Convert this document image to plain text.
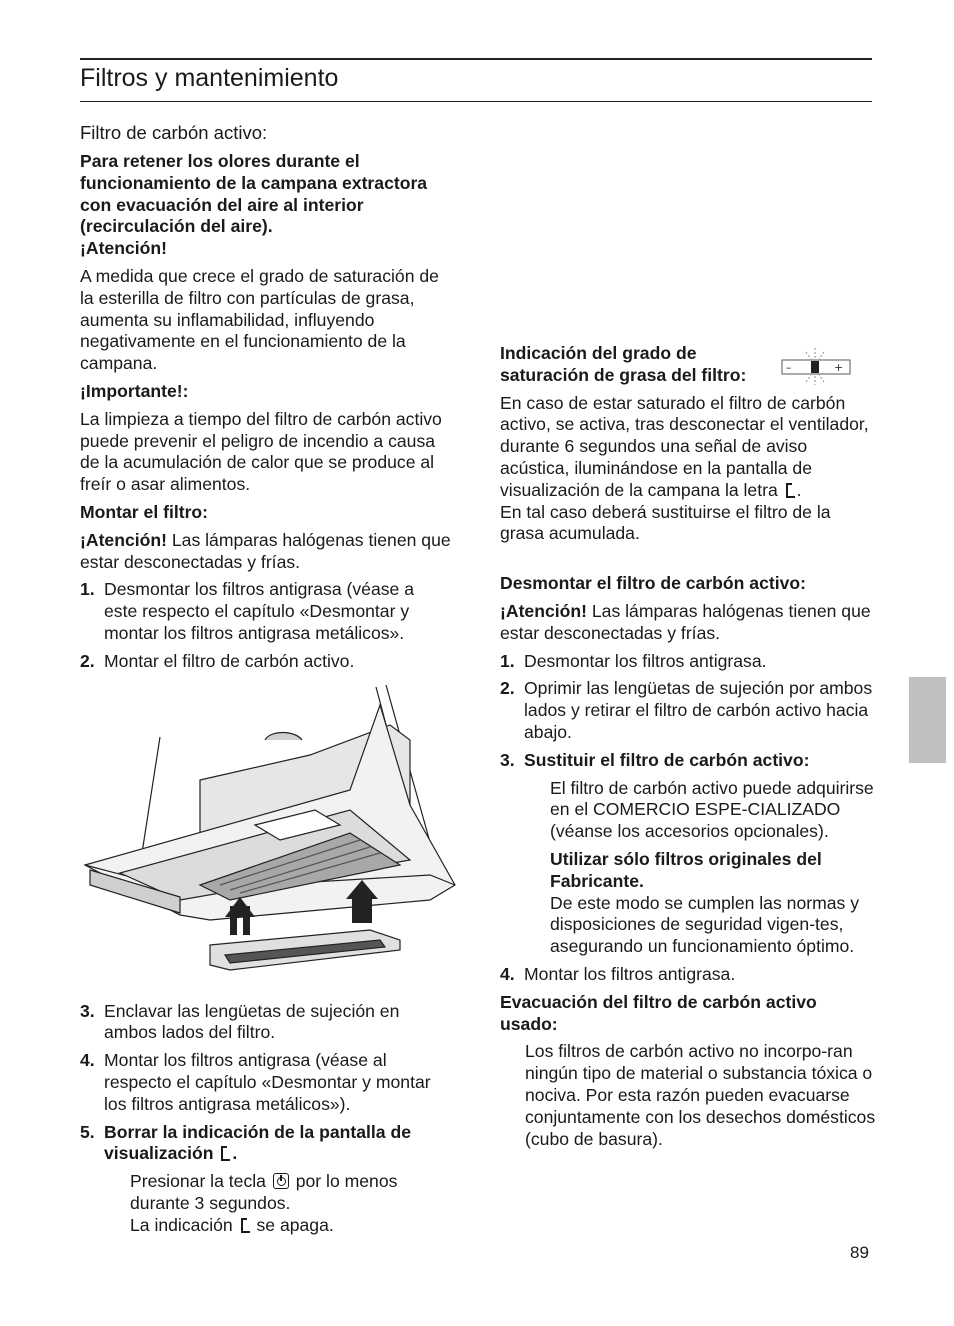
Filtros y mantenimiento
Filtro de carbón activo:

Para retener los olores durante el funcionamiento de la campana extractora con evacuación del aire al interior (recirculación del aire).

¡Atención!

A medida que crece el grado de saturación de la esterilla de filtro con partículas de grasa, aumenta su inflamabilidad, influyendo negativamente en el funcionamiento de la campana.

¡Importante!:

La limpieza a tiempo del filtro de carbón activo puede prevenir el peligro de incendio a causa de la acumulación de calor que se produce al freír o asar alimentos.

Montar el filtro:

¡Atención! Las lámparas halógenas tienen que estar desconectadas y frías.

1. Desmontar los filtros antigrasa (véase a este respecto el capítulo «Desmontar y montar los filtros antigrasa metálicos».
2. Montar el filtro de carbón activo.
3. Enclavar las lengüetas de sujeción en ambos lados del filtro.
4. Montar los filtros antigrasa (véase al respecto el capítulo «Desmontar y montar los filtros antigrasa metálicos»).
5. Borrar la indicación de la pantalla de visualización .
Presionar la tecla por lo menos durante 3 segundos.
La indicación se apaga.

Indicación del grado de saturación de grasa del filtro:

En caso de estar saturado el filtro de carbón activo, se activa, tras desconectar el ventilador, durante 6 segundos una señal de aviso acústica, iluminándose en la pantalla de visualización de la campana la letra .

En tal caso deberá sustituirse el filtro de la grasa acumulada.

Desmontar el filtro de carbón activo:

¡Atención! Las lámparas halógenas tienen que estar desconectadas y frías.

1. Desmontar los filtros antigrasa.
2. Oprimir las lengüetas de sujeción por ambos lados y retirar el filtro de carbón activo hacia abajo.
3. Sustituir el filtro de carbón activo:

El filtro de carbón activo puede adquirirse en el COMERCIO ESPE-CIALIZADO (véanse los accesorios opcionales).

Utilizar sólo filtros originales del Fabricante.

De este modo se cumplen las normas y disposiciones de seguridad vigen-tes, asegurando un funcionamiento óptimo.

4. Montar los filtros antigrasa.

Evacuación del filtro de carbón activo usado:

Los filtros de carbón activo no incorpo-ran ningún tipo de material o substancia tóxica o nociva. Por esta razón pueden evacuarse conjuntamente con los desechos domésticos (cubo de basura).

–	+
89
